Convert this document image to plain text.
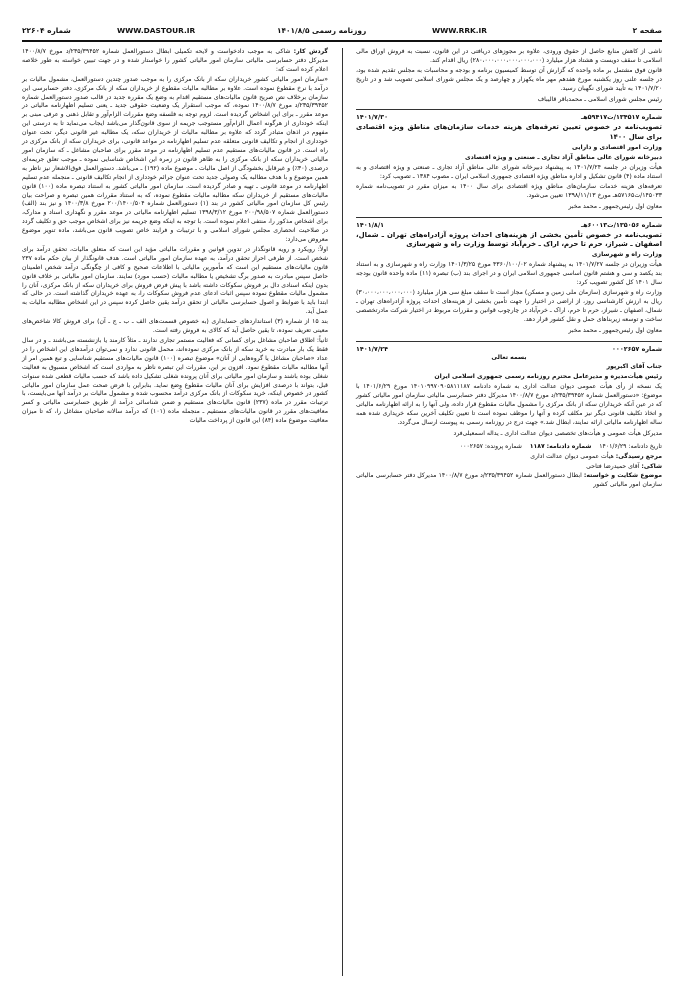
صفحه ۲
WWW.RRK.IR
روزنامه رسمی ۱۴۰۱/۸/۵
WWW.DASTOUR.IR
شماره ۲۲۶۰۴

ناشی از کاهش منابع حاصل از حقوق ورودی، علاوه بر مجوزهای دریافتی در این قانون، نسبت به فروش اوراق مالی اسلامی تا سقف دویست و هشتاد هزار میلیارد (۲۸۰،۰۰۰،۰۰۰،۰۰۰،۰۰۰،۰۰۰) ریال اقدام کند.

قانون فوق مشتمل بر ماده واحده که گزارش آن توسط کمیسیون برنامه و بودجه و محاسبات به مجلس تقدیم شده بود، در جلسه علنی روز یکشنبه مورخ هفدهم مهر ماه یکهزار و چهارصد و یک مجلس شورای اسلامی تصویب شد و در تاریخ ۱۴۰۱/۷/۲۰ به تأیید شورای نگهبان رسید.

رئیس مجلس شورای اسلامی ـ محمدباقر قالیباف

شماره ۱۳۴۵۱۷/ت۵۹۴۱۷هـ
۱۴۰۱/۷/۳۰
تصویب‌نامه در خصوص تعیین تعرفه‌های هزینه خدمات سازمان‌های مناطق ویژه اقتصادی برای سال ۱۴۰۰

وزارت امور اقتصادی و دارایی

دبیرخانه شورای عالی مناطق آزاد تجاری ـ صنعتی و ویژه اقتصادی

هیأت وزیران در جلسه ۱۴۰۱/۷/۲۴ به پیشنهاد دبیرخانه شورای عالی مناطق آزاد تجاری ـ صنعتی و ویژه اقتصادی و به استناد ماده (۴) قانون تشکیل و اداره مناطق ویژه اقتصادی جمهوری اسلامی ایران ـ مصوب ۱۳۸۴ ـ تصویب کرد:

تعرفه‌های هزینه خدمات سازمان‌های مناطق ویژه اقتصادی برای سال ۱۴۰۰ به میزان مقرر در تصویب‌نامه شماره ۱۴۵۰۳۳/ت۵۷۱۶۵هـ مورخ ۱۳۹۸/۱۱/۱۳ تعیین می‌شود.

معاون اول رئیس‌جمهور ـ محمد مخبر

شماره ۱۳۵۰۵۶/ت۶۰۰۱۳هـ
۱۴۰۱/۸/۱
تصویب‌نامه در خصوص تأمین بخشی از هزینه‌های احداث پروژه آزادراه‌های تهران ـ شمال، اصفهان ـ شیراز، حرم تا حرم، اراک ـ خرم‌آباد توسط وزارت راه و شهرسازی

وزارت راه و شهرسازی

هیأت وزیران در جلسه ۱۴۰۱/۷/۲۷ به پیشنهاد شماره ۴۳۶۰/۱۰۰/۰۲ مورخ ۱۴۰۱/۳/۲۵ وزارت راه و شهرسازی و به استناد بند یکصد و سی و هشتم قانون اساسی جمهوری اسلامی ایران و در اجرای بند (ب) تبصره (۱۱) ماده واحده قانون بودجه سال ۱۴۰۱ کل کشور تصویب کرد:

وزارت راه و شهرسازی (سازمان ملی زمین و مسکن) مجاز است تا سقف مبلغ سی هزار میلیارد (۳۰،۰۰۰،۰۰۰،۰۰۰،۰۰۰) ریال به ارزش کارشناسی روز، از اراضی در اختیار را جهت تأمین بخشی از هزینه‌های احداث پروژه آزادراه‌های تهران ـ شمال، اصفهان ـ شیراز، حرم تا حرم، اراک ـ خرم‌آباد در چارچوب قوانین و مقررات مربوط در اختیار شرکت مادرتخصصی ساخت و توسعه زیربناهای حمل و نقل کشور قرار دهد.

معاون اول رئیس‌جمهور ـ محمد مخبر

شماره ۰۰۰۲۶۵۷
۱۴۰۱/۷/۲۴

بسمه تعالی

جناب آقای اکبرپور

رئیس هیأت‌مدیره و مدیرعامل محترم روزنامه رسمی جمهوری اسلامی ایران

یک نسخه از رأی هیأت عمومی دیوان عدالت اداری به شماره دادنامه ۱۴۰۱۰۹۹۷۰۹۰۵۸۱۱۱۸۷ مورخ ۱۴۰۱/۶/۲۹ با موضوع: «دستورالعمل شماره ۲۳۵/۳۹۴۵۲/د مورخ ۱۴۰۰/۸/۷ مدیرکل دفتر حسابرسی مالیاتی سازمان امور مالیاتی کشور که در عین آنکه خریداران سکه از بانک مرکزی را مشمول مالیات مقطوع قرار داده، ولی آنها را به ارائه اظهارنامه مالیاتی و اتخاذ تکلیف قانونی دیگر نیز مکلف کرده و آنها را موظف نموده است تا تعیین تکلیف آخرین سکه خریداری شده همه ساله اظهارنامه مالیاتی ارائه نمایند، ابطال شد.» جهت درج در روزنامه رسمی به پیوست ارسال می‌گردد.

مدیرکل هیأت عمومی و هیأت‌های تخصصی دیوان عدالت اداری ـ یداله اسمعیلی‌فرد

تاریخ دادنامه: ۱۴۰۱/۶/۲۹    شماره دادنامه: ۱۱۸۷    شماره پرونده: ۰۰۰۲۶۵۷

مرجع رسیدگی: هیأت عمومی دیوان عدالت اداری

شاکی: آقای حمیدرضا فتاحی

موضوع شکایت و خواسته: ابطال دستورالعمل شماره ۲۳۵/۳۹۴۵۲/د مورخ ۱۴۰۰/۸/۷ مدیرکل دفتر حسابرسی مالیاتی سازمان امور مالیاتی کشور

گردش کار: شاکی به موجب دادخواست و لایحه تکمیلی ابطال دستورالعمل شماره ۲۳۵/۳۹۴۵۲/د مورخ ۱۴۰۰/۸/۷ مدیرکل دفتر حسابرسی مالیاتی سازمان امور مالیاتی کشور را خواستار شده و در جهت تبیین خواسته به طور خلاصه اعلام کرده است که:

«سازمان امور مالیاتی کشور خریداران سکه از بانک مرکزی را به موجب صدور چندین دستورالعمل، مشمول مالیات بر درآمد با نرخ مقطوع نموده است. علاوه بر مطالبه مالیات مقطوع از خریداران سکه از بانک مرکزی، دفتر حسابرسی این سازمان برخلاف نص صریح قانون مالیات‌های مستقیم اقدام به وضع یک مقرره جدید در قالب صدور دستورالعمل شماره ۲۳۵/۳۹۴۵۲/د مورخ ۱۴۰۰/۸/۷ نموده، که موجب استقرار یک وضعیت حقوقی جدید ـ یعنی تسلیم اظهارنامه مالیاتی در موعد مقرر ـ برای این اشخاص گردیده است. لزوم توجه به فلسفه وضع مقررات الزام‌آور و تقابل ذهنی و عرفی مبنی بر اینکه خودداری از هرگونه اعمال الزام‌آور مستوجب جریمه از سوی قانون‌گذار می‌باشد ایجاب می‌نماید تا به درستی این مفهوم در اذهان متبادر گردد که علاوه بر مطالبه مالیات از خریداران سکه، یک مطالبه غیر قانونی دیگر، تحت عنوان خودداری از انجام و تکالیف قانونی متعلقه عدم تسلیم اظهارنامه در مواعد قانونی، برای خریداران سکه از بانک مرکزی در راه است. در قانون مالیات‌های مستقیم عدم تسلیم اظهارنامه در موعد مقرر برای صاحبان مشاغل ـ که سازمان امور مالیاتی خریداران سکه از بانک مرکزی را به ظاهر قانون در زمره این اشخاص شناسایی نموده ـ موجب تعلق جریمه‌ای درصدی (۳۰٪) و غیرقابل بخشودگی از اصل مالیات ـ موضوع ماده (۱۹۲) ـ می‌باشد. دستورالعمل فوق‌الاشعار نیز ناظر به همین موضوع و با هدف مطالبه یک وصولی جدید تحت عنوان جرائم خودداری از انجام تکالیف قانونی ـ منجمله عدم تسلیم اظهارنامه در موعد قانونی ـ تهیه و صادر گردیده است. سازمان امور مالیاتی کشور به استناد تبصره ماده (۱۰۰) قانون مالیات‌های مستقیم از خریداران سکه مطالبه مالیات مقطوع نموده، که به استناد مقررات همین تبصره و صراحت بیان رئیس کل سازمان امور مالیاتی کشور در بند (۱) دستورالعمل شماره ۲۰۰/۱۴۰۰/۵۰۴ مورخ ۱۴۰۰/۳/۸ و نیز بند (الف) دستورالعمل شماره ۲۰۰/۹۸/۵۰۷ مورخ ۱۳۹۸/۳/۱۲ تسلیم اظهارنامه مالیاتی در موعد مقرر و نگهداری اسناد و مدارک، برای اشخاص مذکور را، منتفی اعلام نموده است. با توجه به اینکه وضع جریمه نیز برای اشخاص موجب حق و تکلیف گردد در صلاحیت انحصاری مجلس شورای اسلامی و با ترتیبات و فرایند خاص تصویب قانون می‌باشد، ماده تنویر موضوع معروض می‌دارد:

اولاً: رویکرد و رویه قانونگذار در تدوین قوانین و مقررات مالیاتی مؤید این است که متعلق مالیات، تحقق درآمد برای شخص است. از طرفی احراز تحقق درآمد، به عهده سازمان امور مالیاتی است. هدف قانونگذار از بیان حکم ماده ۲۳۷ قانون مالیات‌های مستقیم این است که مأمورین مالیاتی با اطلاعات صحیح و کافی از چگونگی درآمد شخص اطمینان حاصل سپس مبادرت به صدور برگ تشخیص یا مطالبه مالیات (حسب مورد) نمایند. سازمان امور مالیاتی بر خلاف قانون بدون اینکه اسنادی دال بر فروش سکوکات داشته باشد با پیش فرض فروش برای خریداران سکه از بانک مرکزی، آنان را مشمول مالیات مقطوع نموده سپس اثبات ادعای عدم فروش سکوکات را، به عهده خریداران گذاشته است. در حالی که ابتدا باید با ضوابط و اصول حسابرسی مالیاتی از تحقق درآمد یقین حاصل کرده سپس در این اشخاص مطالبه مالیات به عمل آید.

بند ۱۵ از شماره (۳) استانداردهای حسابداری (به خصوص قسمت‌های الف ـ ب ـ ج ـ آن) برای فروش کالا شاخص‌های معینی تعریف نموده، تا یقین حاصل آید که کالای به فروش رفته است.

ثانیاً: اطلاق صاحبان مشاغل برای کسانی که فعالیت مستمر تجاری ندارند ـ مثلاً کارمند یا بازنشسته می‌باشند ـ و در سال فقط یک بار مبادرت به خرید سکه از بانک مرکزی نموده‌اند، محمل قانونی ندارد و نمی‌توان درآمدهای این اشخاص را در عداد «صاحبان مشاغل یا گروه‌هایی از آنان» موضوع تبصره (۱۰۰) قانون مالیات‌های مستقیم شناسایی و تبع همین امر از آنها مطالبه مالیات مقطوع نمود. افزون بر این، مقررات این تبصره ناظر به مواردی است که اشخاص مسبوق به فعالیت شغلی بوده باشند و سازمان امور مالیاتی برای آنان پرونده شغلی تشکیل داده باشد که حسب مالیات قطعی شده سنوات قبل، بتواند با درصدی افزایش برای آنان مالیات مقطوع وضع نماید. بنابراین با فرض صحت عمل سازمان امور مالیاتی کشور در خصوص اینکه، خرید سکوکات از بانک مرکزی درآمد محسوب شده و مشمول مالیات بر درآمد آنها می‌بایست، با ترتیبات مقرر در ماده (۲۳۷) قانون مالیات‌های مستقیم و ضمن شناسائی درآمد از طریق حسابرسی مالیاتی و کسر معافیت‌های مقرر در قانون مالیات‌های مستقیم ـ منجمله ماده (۱۰۱) که درآمد سالانه صاحبان مشاغل را، که تا میزان معافیت موضوع ماده (۸۴) این قانون از پرداخت مالیات
